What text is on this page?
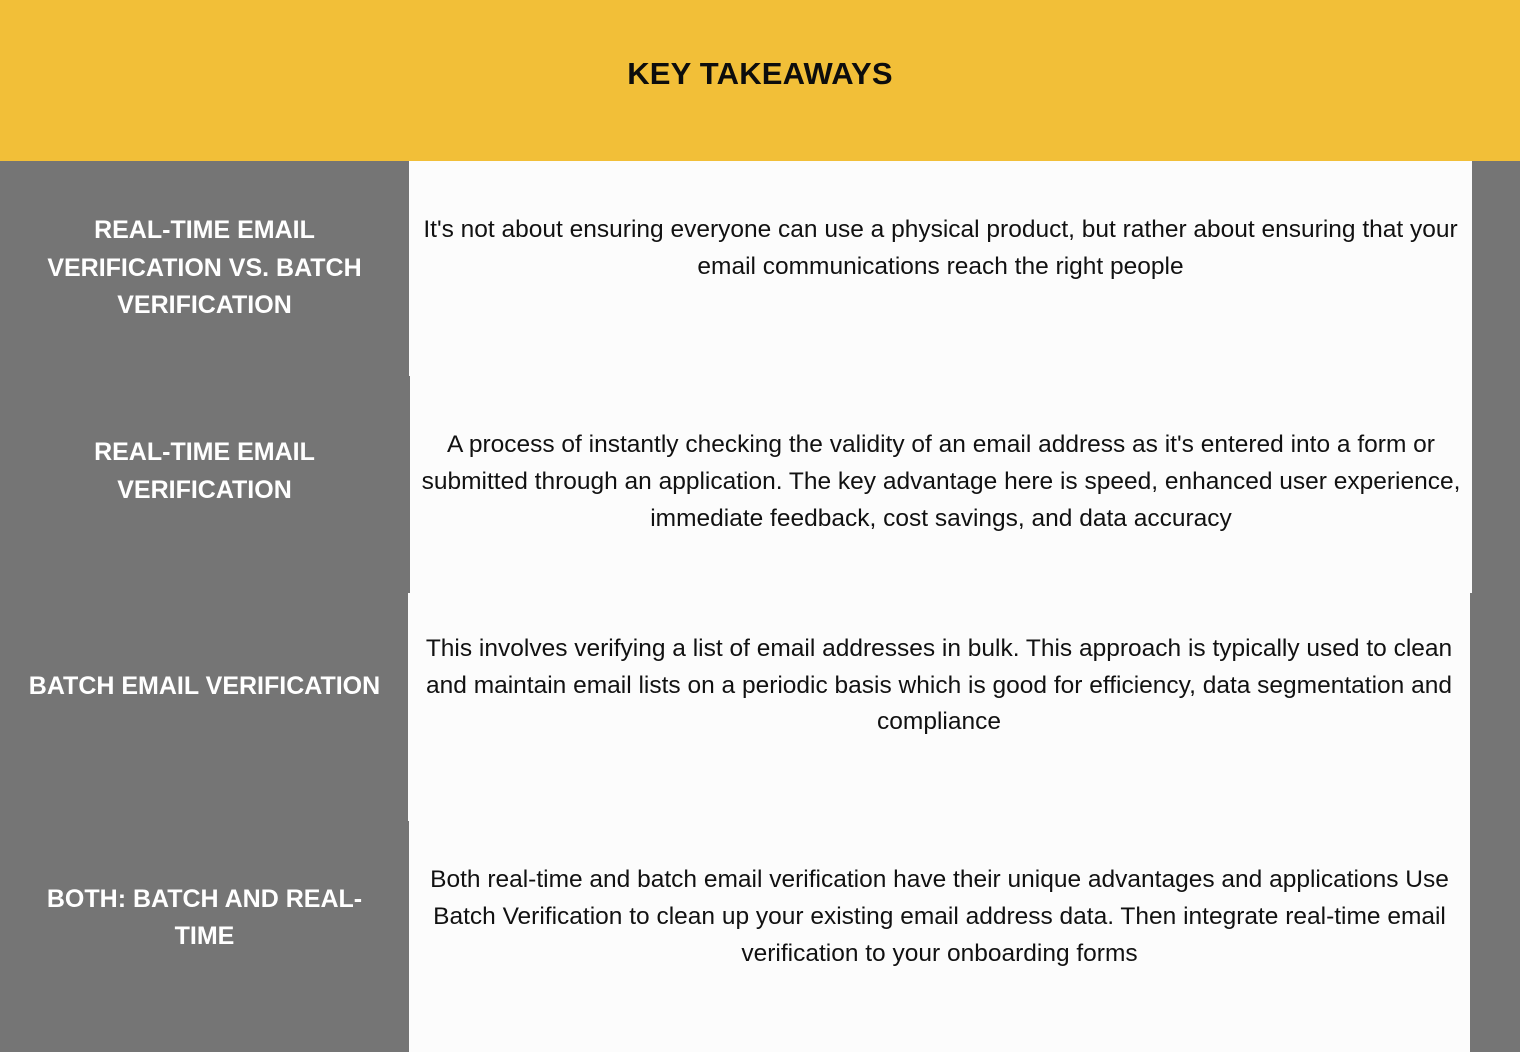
KEY TAKEAWAYS
REAL-TIME EMAIL VERIFICATION VS. BATCH VERIFICATION
It's not about ensuring everyone can use a physical product, but rather about ensuring that your email communications reach the right people
REAL-TIME EMAIL VERIFICATION
A process of instantly checking the validity of an email address as it's entered into a form or submitted through an application. The key advantage here is speed, enhanced user experience, immediate feedback, cost savings, and data accuracy
BATCH EMAIL VERIFICATION
This involves verifying a list of email addresses in bulk. This approach is typically used to clean and maintain email lists on a periodic basis which is good for efficiency, data segmentation and compliance
BOTH: BATCH AND REAL-TIME
Both real-time and batch email verification have their unique advantages and applications Use Batch Verification to clean up your existing email address data. Then integrate real-time email verification to your onboarding forms
